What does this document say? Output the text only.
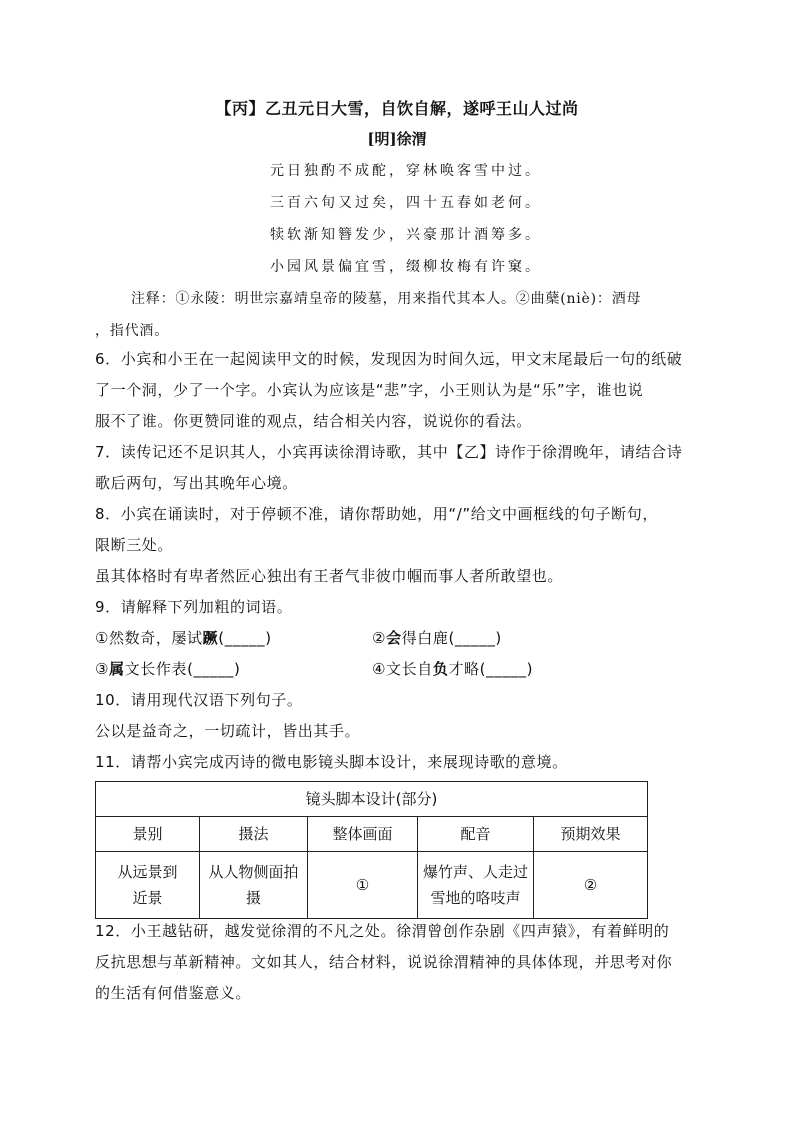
【丙】乙丑元日大雪，自饮自解，遂呼王山人过尚
[明]徐渭
元日独酌不成酡，穿林唤客雪中过。
三百六旬又过矣，四十五春如老何。
犊软渐知簪发少，兴豪那计酒筹多。
小园风景偏宜雪，缀柳妆梅有许窠。
注释：①永陵：明世宗嘉靖皇帝的陵墓，用来指代其本人。②曲蘖(niè)：酒母
，指代酒。
6．小宾和小王在一起阅读甲文的时候，发现因为时间久远，甲文末尾最后一句的纸破
了一个洞，少了一个字。小宾认为应该是“悲”字，小王则认为是“乐”字，谁也说
服不了谁。你更赞同谁的观点，结合相关内容，说说你的看法。
7．读传记还不足识其人，小宾再读徐渭诗歌，其中【乙】诗作于徐渭晚年，请结合诗
歌后两句，写出其晚年心境。
8．小宾在诵读时，对于停顿不准，请你帮助她，用“/”给文中画框线的句子断句，
限断三处。
虽其体格时有卑者然匠心独出有王者气非彼巾帼而事人者所敢望也。
9．请解释下列加粗的词语。
①然数奇，屡试蹶(_____)	②会得白鹿(_____)
③属文长作表(_____)	④文长自负才略(_____)
10．请用现代汉语下列句子。
公以是益奇之，一切疏计，皆出其手。
11．请帮小宾完成丙诗的微电影镜头脚本设计，来展现诗歌的意境。
镜头脚本设计(部分)				
景别	摄法	整体画面	配音	预期效果
从远景到近景	从人物侧面拍摄	①	爆竹声、人走过雪地的咯吱声	②
12．小王越钻研，越发觉徐渭的不凡之处。徐渭曾创作杂剧《四声猿》，有着鲜明的
反抗思想与革新精神。文如其人，结合材料，说说徐渭精神的具体体现，并思考对你
的生活有何借鉴意义。
